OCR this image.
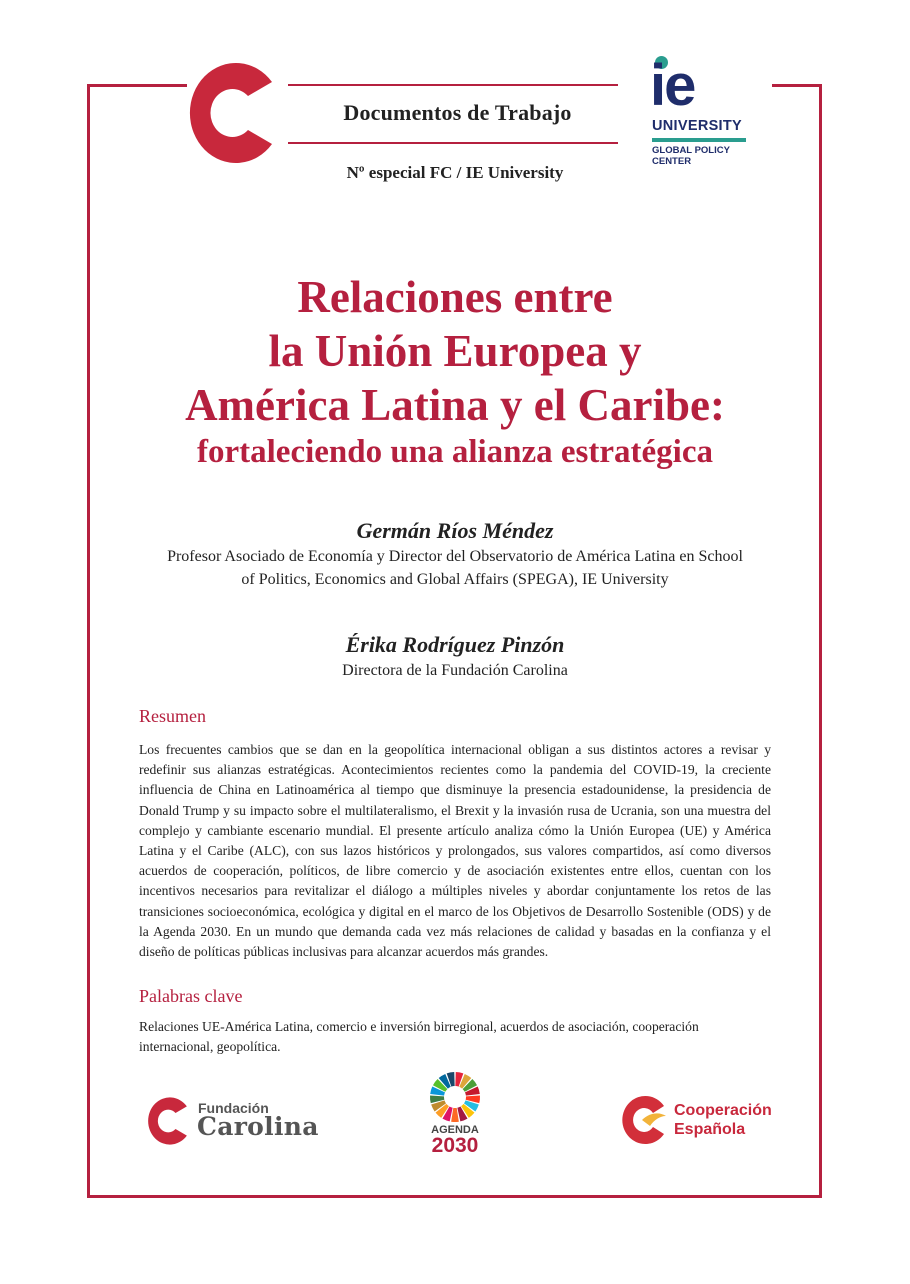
Documentos de Trabajo
Nº especial FC / IE University
ie
UNIVERSITY
GLOBAL POLICY
CENTER
Relaciones entre
la Unión Europea y
América Latina y el Caribe:
fortaleciendo una alianza estratégica
Germán Ríos Méndez
Profesor Asociado de Economía y Director del Observatorio de América Latina en School
of Politics, Economics and Global Affairs (SPEGA), IE University
Érika Rodríguez Pinzón
Directora de la Fundación Carolina
Resumen
Los frecuentes cambios que se dan en la geopolítica internacional obligan a sus distintos actores a revisar y redefinir sus alianzas estratégicas. Acontecimientos recientes como la pandemia del COVID-19, la creciente influencia de China en Latinoamérica al tiempo que disminuye la presencia estadounidense, la presidencia de Donald Trump y su impacto sobre el multilateralismo, el Brexit y la invasión rusa de Ucrania, son una muestra del complejo y cambiante escenario mundial. El presente artículo analiza cómo la Unión Europea (UE) y América Latina y el Caribe (ALC), con sus lazos históricos y prolongados, sus valores compartidos, así como diversos acuerdos de cooperación, políticos, de libre comercio y de asociación existentes entre ellos, cuentan con los incentivos necesarios para revitalizar el diálogo a múltiples niveles y abordar conjuntamente los retos de las transiciones socioeconómica, ecológica y digital en el marco de los Objetivos de Desarrollo Sostenible (ODS) y de la Agenda 2030. En un mundo que demanda cada vez más relaciones de calidad y basadas en la confianza y el diseño de políticas públicas inclusivas para alcanzar acuerdos más grandes.
Palabras clave
Relaciones UE-América Latina, comercio e inversión birregional, acuerdos de asociación, cooperación internacional, geopolítica.
Fundación
Carolina	AGENDA
2030
Cooperación
Española
